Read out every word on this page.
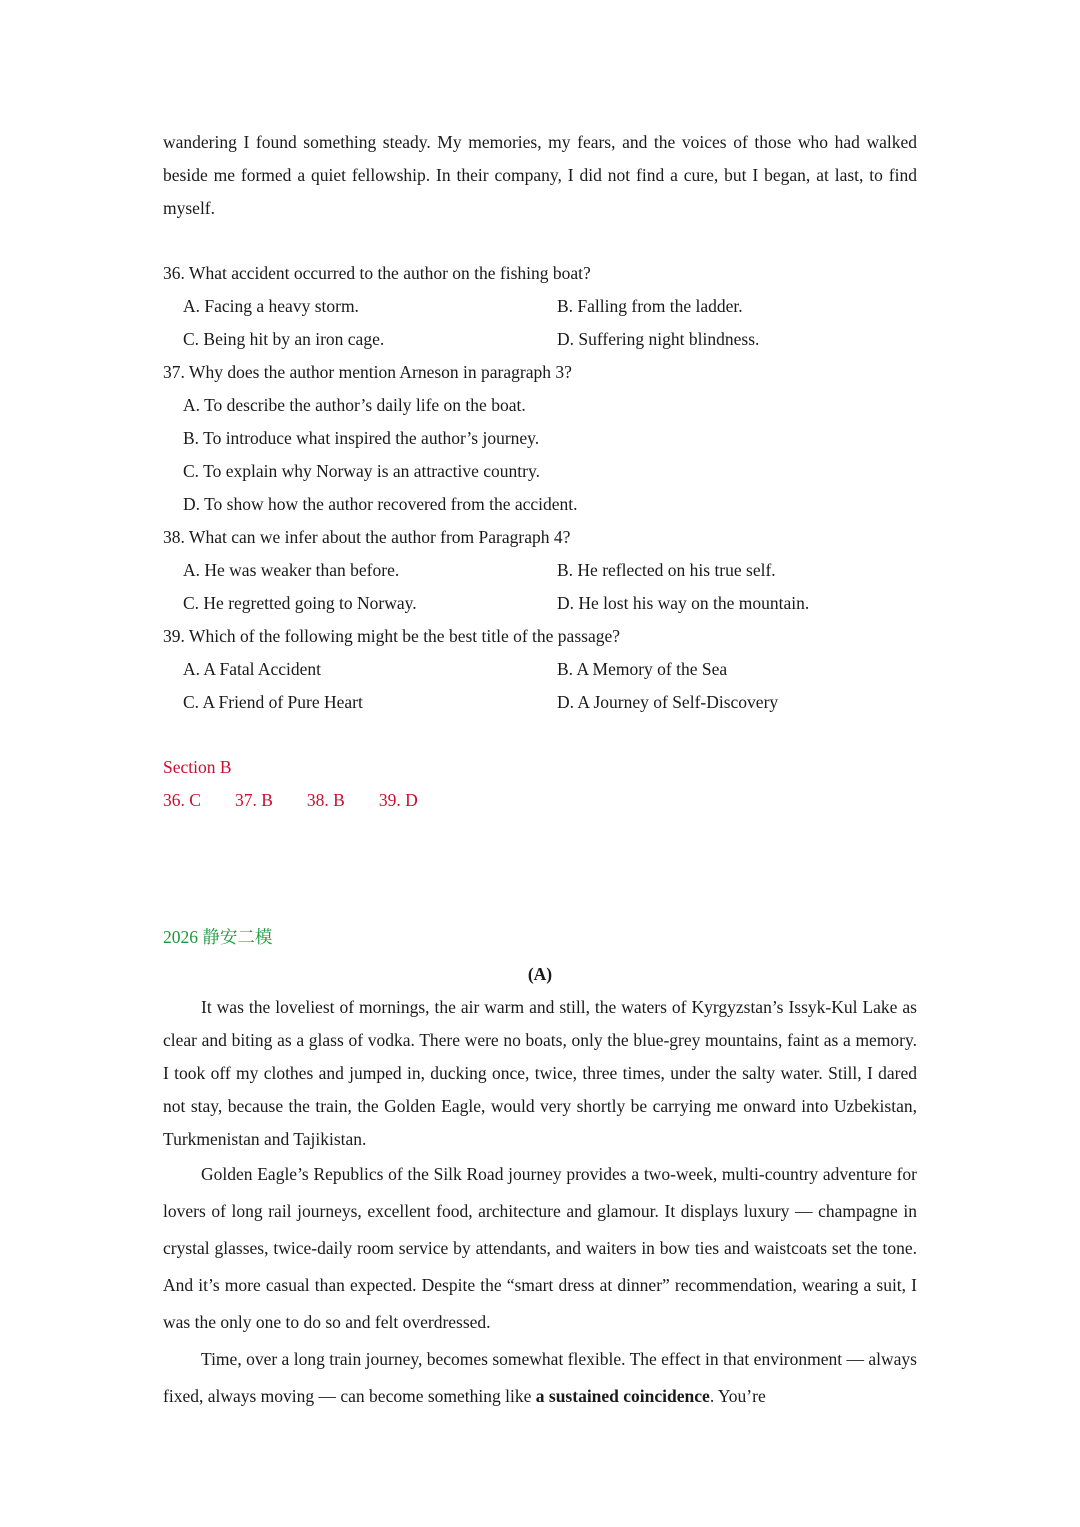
wandering I found something steady. My memories, my fears, and the voices of those who had walked beside me formed a quiet fellowship. In their company, I did not find a cure, but I began, at last, to find myself.

36. What accident occurred to the author on the fishing boat?

A. Facing a heavy storm.	B. Falling from the ladder.
C. Being hit by an iron cage.	D. Suffering night blindness.

37. Why does the author mention Arneson in paragraph 3?

A. To describe the author’s daily life on the boat.
B. To introduce what inspired the author’s journey.
C. To explain why Norway is an attractive country.
D. To show how the author recovered from the accident.

38. What can we infer about the author from Paragraph 4?

A. He was weaker than before.	B. He reflected on his true self.
C. He regretted going to Norway.	D. He lost his way on the mountain.

39. Which of the following might be the best title of the passage?

A. A Fatal Accident	B. A Memory of the Sea
C. A Friend of Pure Heart	D. A Journey of Self-Discovery
Section B
36. C 37. B 38. B 39. D
2026 静安二模
(A)

It was the loveliest of mornings, the air warm and still, the waters of Kyrgyzstan’s Issyk-Kul Lake as clear and biting as a glass of vodka. There were no boats, only the blue-grey mountains, faint as a memory. I took off my clothes and jumped in, ducking once, twice, three times, under the salty water. Still, I dared not stay, because the train, the Golden Eagle, would very shortly be carrying me onward into Uzbekistan, Turkmenistan and Tajikistan.

Golden Eagle’s Republics of the Silk Road journey provides a two-week, multi-country adventure for lovers of long rail journeys, excellent food, architecture and glamour. It displays luxury — champagne in crystal glasses, twice-daily room service by attendants, and waiters in bow ties and waistcoats set the tone. And it’s more casual than expected. Despite the “smart dress at dinner” recommendation, wearing a suit, I was the only one to do so and felt overdressed.

Time, over a long train journey, becomes somewhat flexible. The effect in that environment — always fixed, always moving — can become something like a sustained coincidence. You’re
